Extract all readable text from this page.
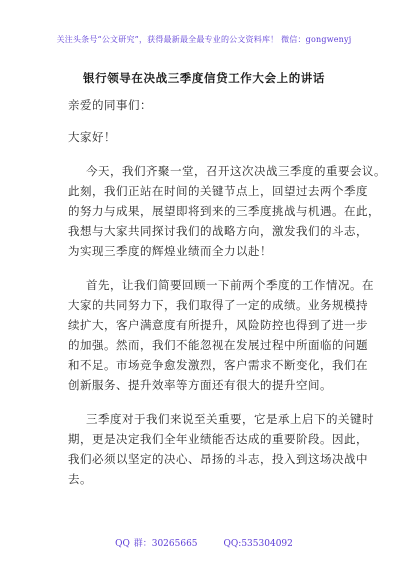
关注头条号“公文研究”，获得最新最全最专业的公文资料库！ 微信：gongwenyj
银行领导在决战三季度信贷工作大会上的讲话
亲爱的同事们：
大家好！
今天，我们齐聚一堂，召开这次决战三季度的重要会议。
此刻，我们正站在时间的关键节点上，回望过去两个季度
的努力与成果，展望即将到来的三季度挑战与机遇。在此，
我想与大家共同探讨我们的战略方向，激发我们的斗志，
为实现三季度的辉煌业绩而全力以赴！
首先，让我们简要回顾一下前两个季度的工作情况。在
大家的共同努力下，我们取得了一定的成绩。业务规模持
续扩大，客户满意度有所提升，风险防控也得到了进一步
的加强。然而，我们不能忽视在发展过程中所面临的问题
和不足。市场竞争愈发激烈，客户需求不断变化，我们在
创新服务、提升效率等方面还有很大的提升空间。
三季度对于我们来说至关重要，它是承上启下的关键时
期，更是决定我们全年业绩能否达成的重要阶段。因此，
我们必须以坚定的决心、昂扬的斗志，投入到这场决战中
去。
QQ 群：30265665	QQ:535304092
